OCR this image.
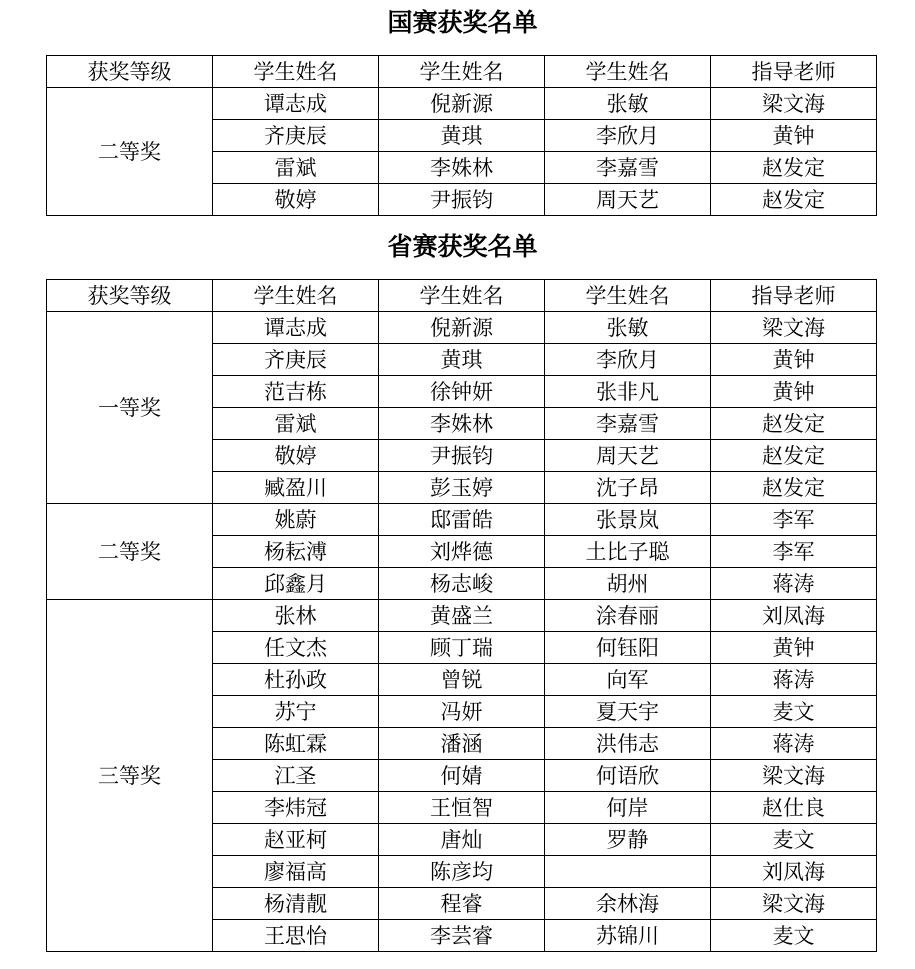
国赛获奖名单
获奖等级	学生姓名	学生姓名	学生姓名	指导老师
二等奖	谭志成	倪新源	张敏	梁文海
	齐庚辰	黄琪	李欣月	黄钟
	雷斌	李姝林	李嘉雪	赵发定
	敬婷	尹振钧	周天艺	赵发定
省赛获奖名单
获奖等级	学生姓名	学生姓名	学生姓名	指导老师
一等奖	谭志成	倪新源	张敏	梁文海
	齐庚辰	黄琪	李欣月	黄钟
	范吉栋	徐钟妍	张非凡	黄钟
	雷斌	李姝林	李嘉雪	赵发定
	敬婷	尹振钧	周天艺	赵发定
	臧盈川	彭玉婷	沈子昂	赵发定
二等奖	姚蔚	邸雷皓	张景岚	李军
	杨耘溥	刘烨德	土比子聪	李军
	邱鑫月	杨志峻	胡州	蒋涛
三等奖	张林	黄盛兰	涂春丽	刘凤海
	任文杰	顾丁瑞	何钰阳	黄钟
	杜孙政	曾锐	向军	蒋涛
	苏宁	冯妍	夏天宇	麦文
	陈虹霖	潘涵	洪伟志	蒋涛
	江圣	何婧	何语欣	梁文海
	李炜冠	王恒智	何岸	赵仕良
	赵亚柯	唐灿	罗静	麦文
	廖福高	陈彦均		刘凤海
	杨清靓	程睿	余林海	梁文海
	王思怡	李芸睿	苏锦川	麦文
